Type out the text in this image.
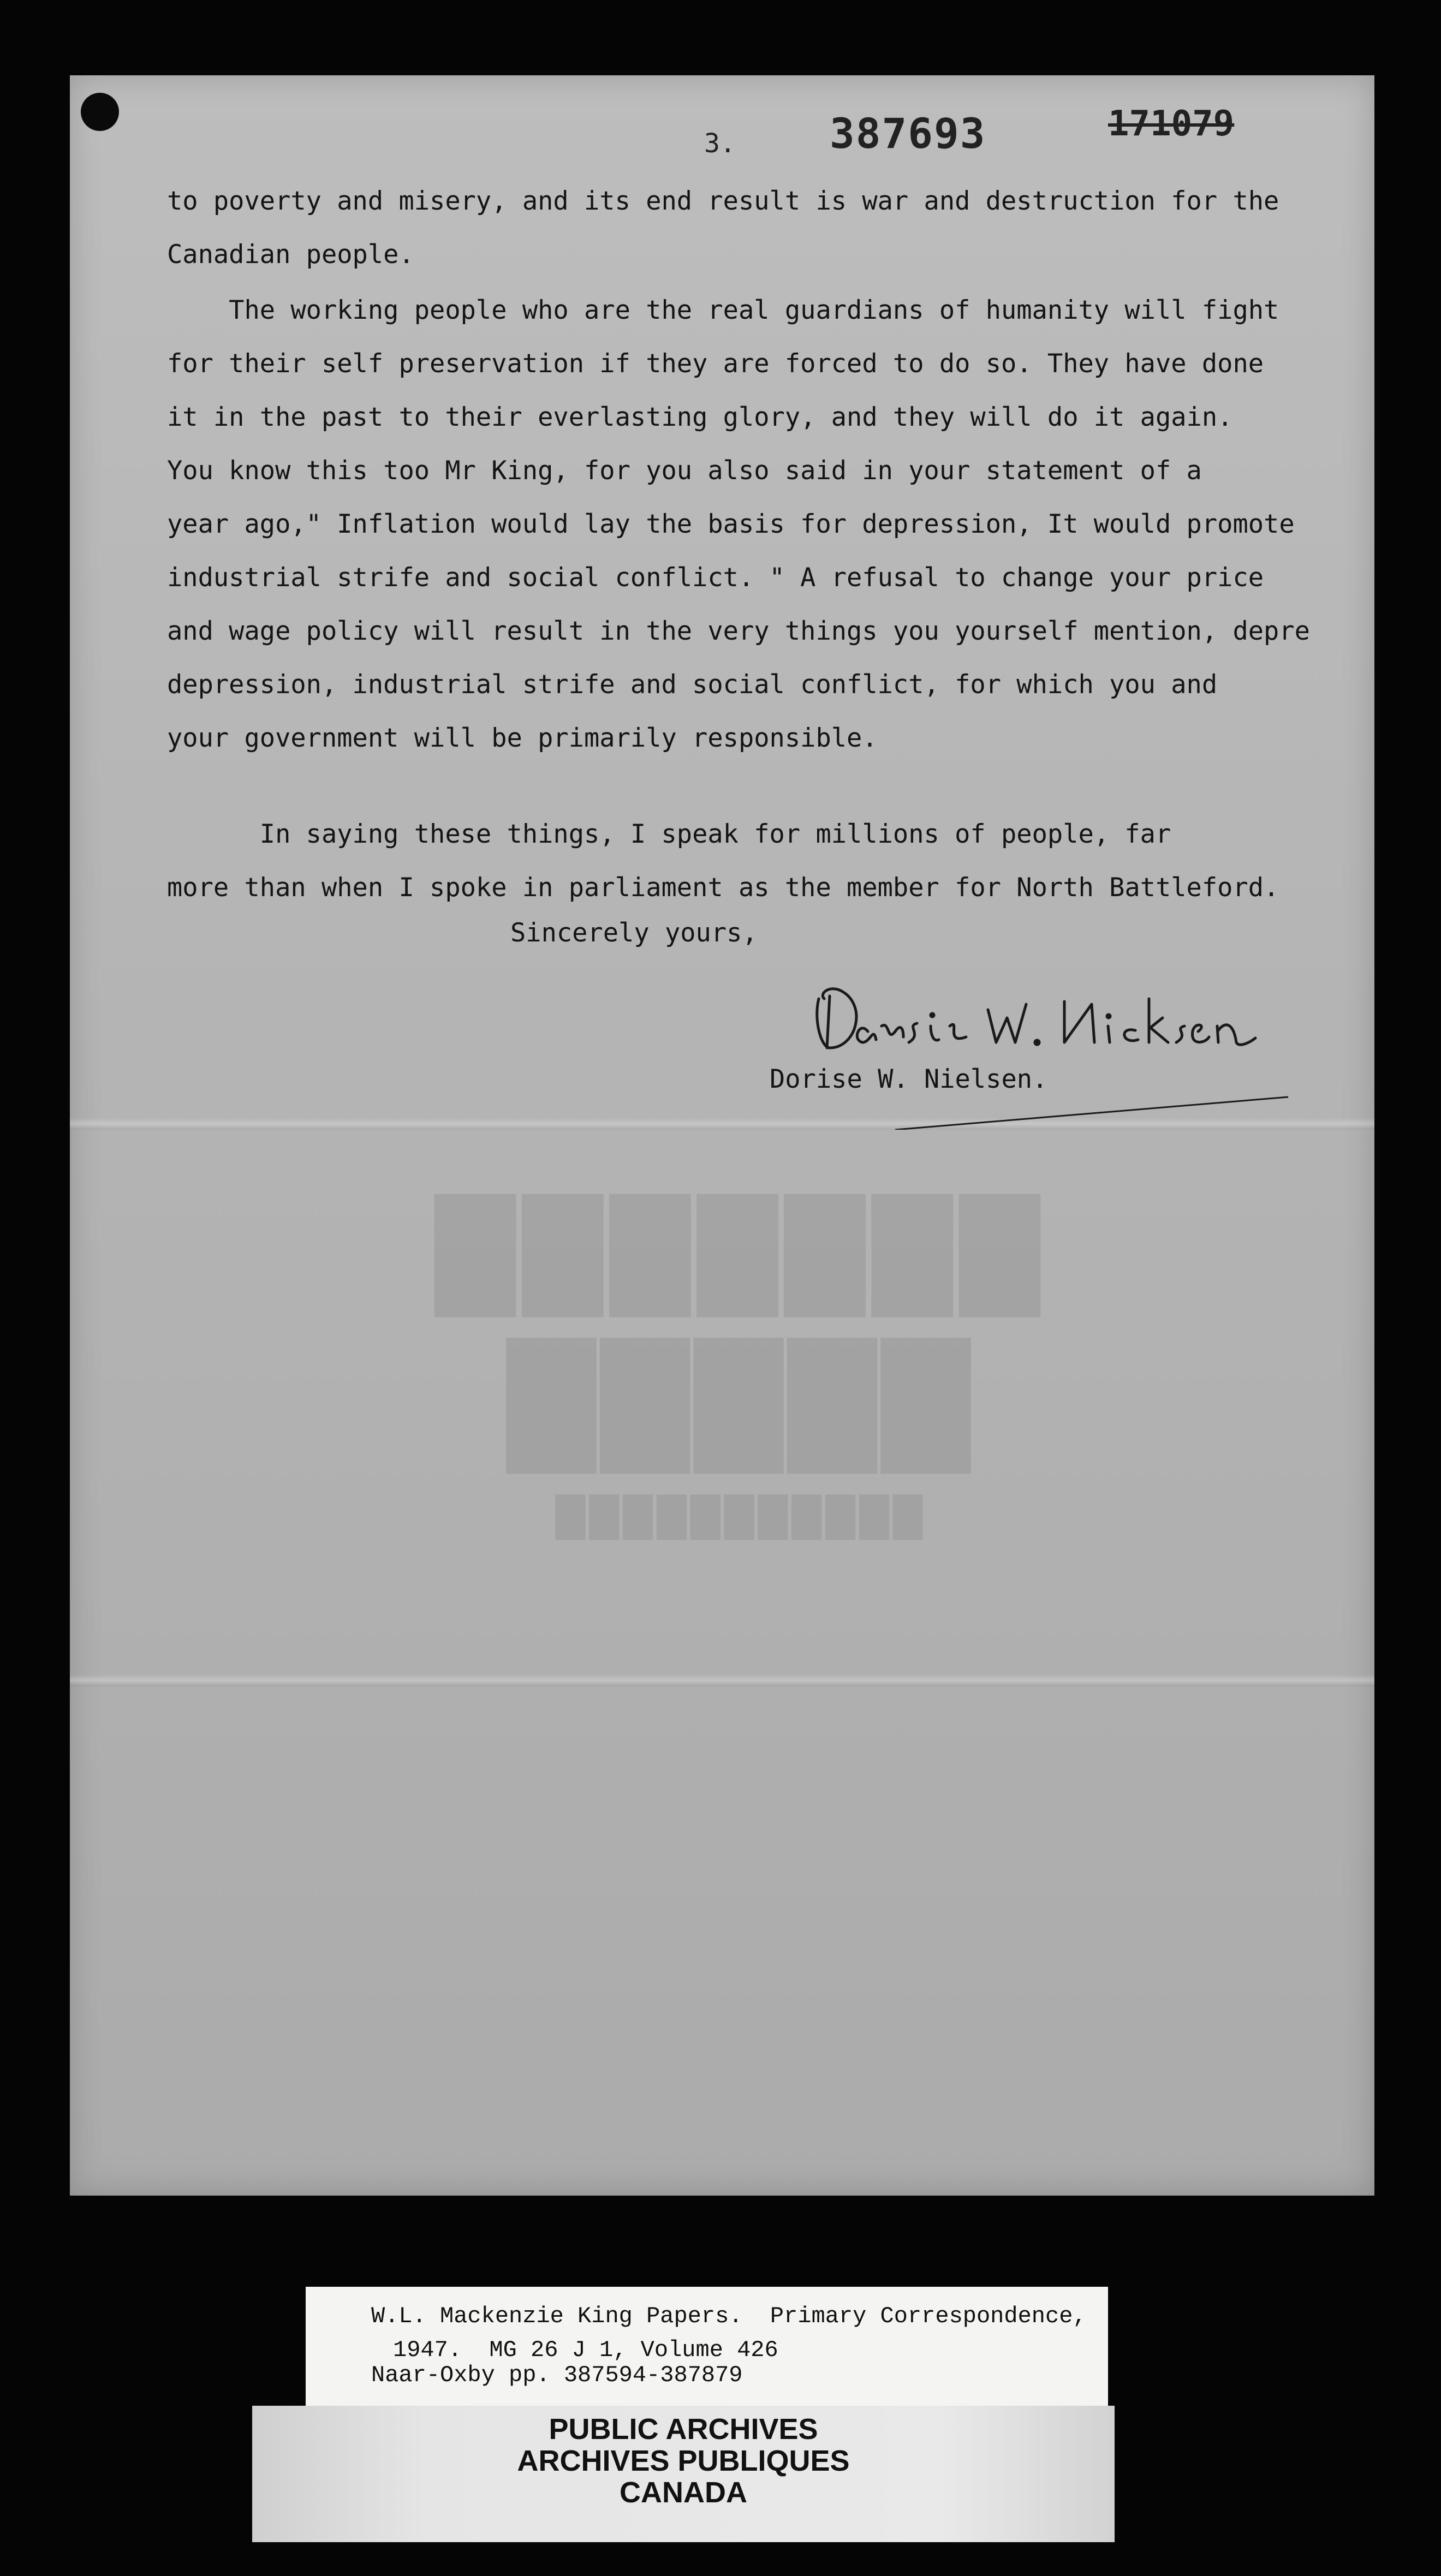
███████
█████
███████████
3. 387693	171079
to poverty and misery, and its end result is war and destruction for the
Canadian people.
The working people who are the real guardians of humanity will fight
for their self preservation if they are forced to do so. They have done
it in the past to their everlasting glory, and they will do it again.
You know this too Mr King, for you also said in your statement of a
year ago," Inflation would lay the basis for depression, It would promote
industrial strife and social conflict. " A refusal to change your price
and wage policy will result in the very things you yourself mention, depre
depression, industrial strife and social conflict, for which you and
your government will be primarily responsible.
In saying these things, I speak for millions of people, far
more than when I spoke in parliament as the member for North Battleford.
Sincerely yours,
Dorise W. Nielsen.
W.L. Mackenzie King Papers.  Primary Correspondence,
1947.  MG 26 J 1, Volume 426
Naar-Oxby pp. 387594-387879
PUBLIC ARCHIVES
ARCHIVES PUBLIQUES
CANADA
